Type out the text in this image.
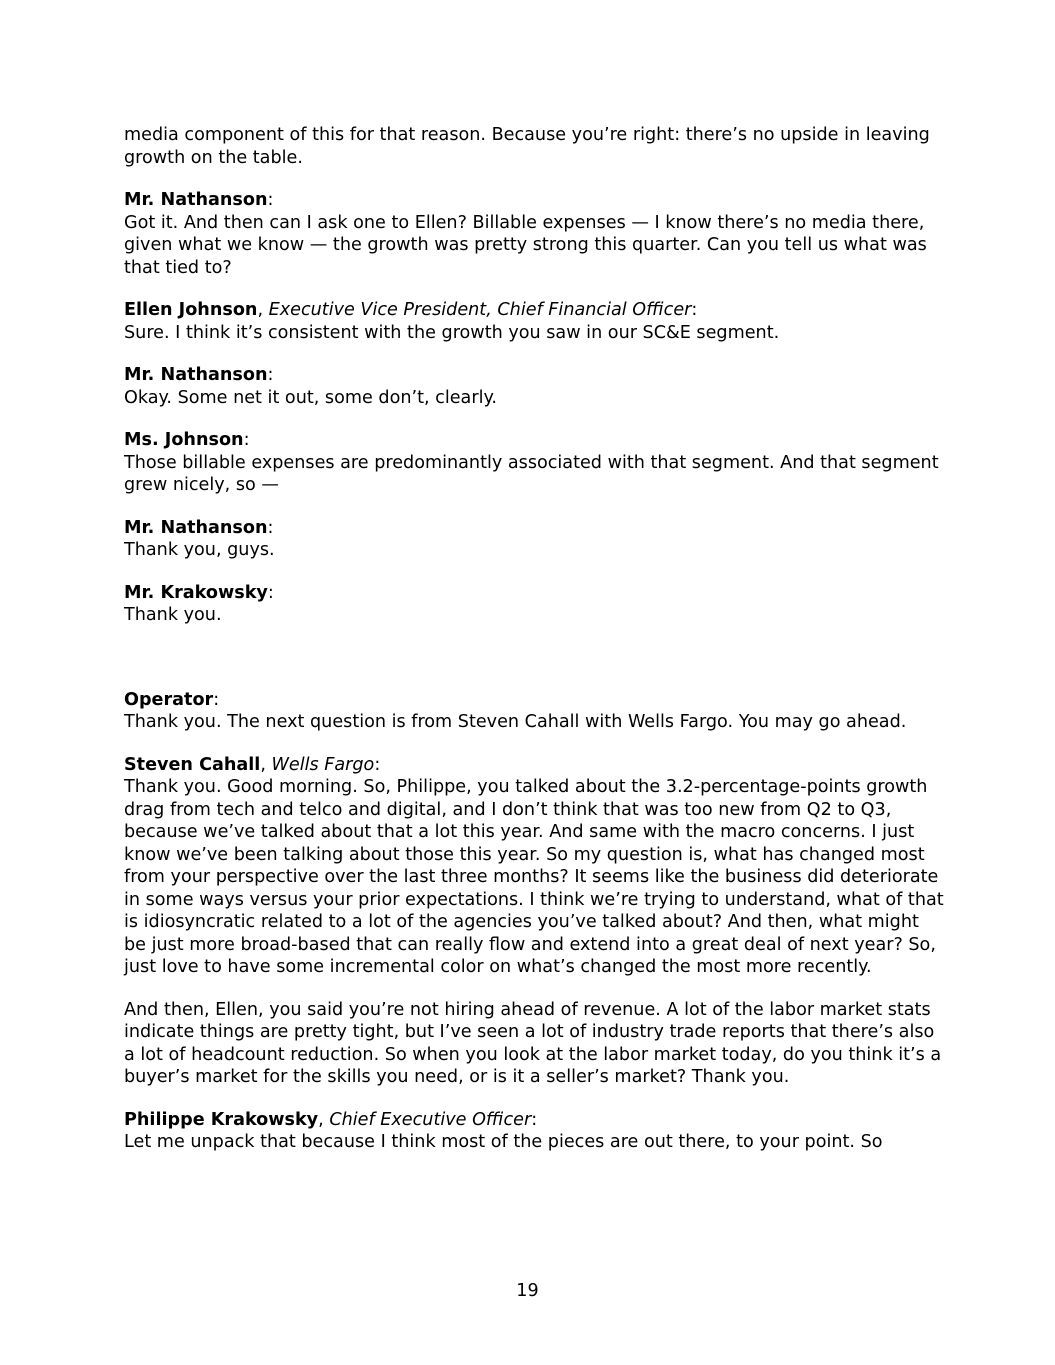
media component of this for that reason. Because you’re right: there’s no upside in leaving growth on the table.
Mr. Nathanson:
Got it. And then can I ask one to Ellen? Billable expenses — I know there’s no media there, given what we know — the growth was pretty strong this quarter. Can you tell us what was that tied to?
Ellen Johnson, Executive Vice President, Chief Financial Officer:
Sure. I think it’s consistent with the growth you saw in our SC&E segment.
Mr. Nathanson:
Okay. Some net it out, some don’t, clearly.
Ms. Johnson:
Those billable expenses are predominantly associated with that segment. And that segment grew nicely, so —
Mr. Nathanson:
Thank you, guys.
Mr. Krakowsky:
Thank you.
Operator:
Thank you. The next question is from Steven Cahall with Wells Fargo. You may go ahead.
Steven Cahall, Wells Fargo:
Thank you. Good morning. So, Philippe, you talked about the 3.2-percentage-points growth drag from tech and telco and digital, and I don’t think that was too new from Q2 to Q3, because we’ve talked about that a lot this year. And same with the macro concerns. I just know we’ve been talking about those this year. So my question is, what has changed most from your perspective over the last three months? It seems like the business did deteriorate in some ways versus your prior expectations. I think we’re trying to understand, what of that is idiosyncratic related to a lot of the agencies you’ve talked about? And then, what might be just more broad-based that can really flow and extend into a great deal of next year? So, just love to have some incremental color on what’s changed the most more recently.
And then, Ellen, you said you’re not hiring ahead of revenue. A lot of the labor market stats indicate things are pretty tight, but I’ve seen a lot of industry trade reports that there’s also a lot of headcount reduction. So when you look at the labor market today, do you think it’s a buyer’s market for the skills you need, or is it a seller’s market? Thank you.
Philippe Krakowsky, Chief Executive Officer:
Let me unpack that because I think most of the pieces are out there, to your point. So
19
